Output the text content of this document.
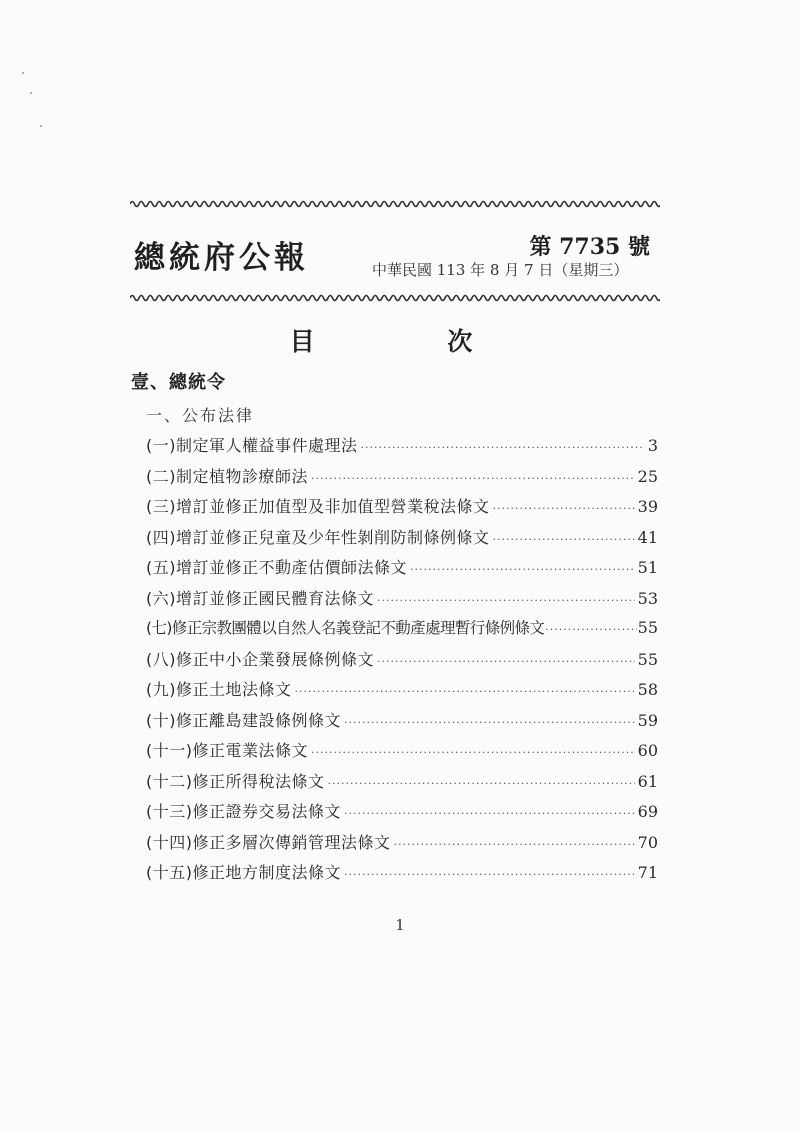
總統府公報	第 7735 號
中華民國 113 年 8 月 7 日（星期三）
目 次
壹、總統令
一、公布法律
(一)制定軍人權益事件處理法 ·····	3
(二)制定植物診療師法 ·····	25
(三)增訂並修正加值型及非加值型營業稅法條文 ·····	39
(四)增訂並修正兒童及少年性剝削防制條例條文 ·····	41
(五)增訂並修正不動產估價師法條文 ·····	51
(六)增訂並修正國民體育法條文 ·····	53
(七)修正宗教團體以自然人名義登記不動產處理暫行條例條文 ·····	55
(八)修正中小企業發展條例條文 ·····	55
(九)修正土地法條文 ·····	58
(十)修正離島建設條例條文 ·····	59
(十一)修正電業法條文 ·····	60
(十二)修正所得稅法條文 ·····	61
(十三)修正證券交易法條文 ·····	69
(十四)修正多層次傳銷管理法條文 ·····	70
(十五)修正地方制度法條文 ·····	71
1
